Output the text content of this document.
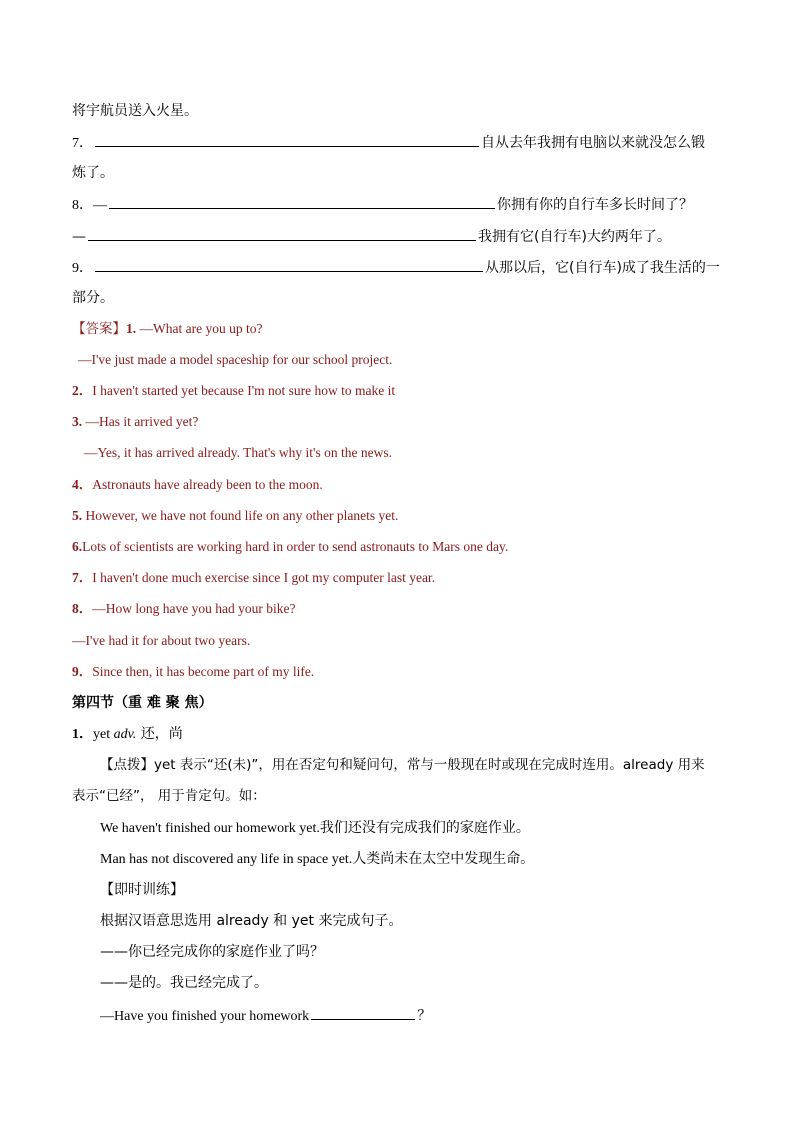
将宇航员送入火星。
7．	自从去年我拥有电脑以来就没怎么锻
炼了。
8．—	你拥有你的自行车多长时间了？
—	我拥有它(自行车)大约两年了。
9．	从那以后，它(自行车)成了我生活的一
部分。
【答案】1. —What are you up to?
—I've just made a model spaceship for our school project.
2．I haven't started yet because I'm not sure how to make it
3. —Has it arrived yet?
—Yes, it has arrived already. That's why it's on the news.
4．Astronauts have already been to the moon.
5. However, we have not found life on any other planets yet.
6.Lots of scientists are working hard in order to send astronauts to Mars one day.
7．I haven't done much exercise since I got my computer last year.
8．—How long have you had your bike?
—I've had it for about two years.
9．Since then, it has become part of my life.
第四节（重 难 聚 焦）
1．yet adv. 还，尚
【点拨】yet 表示“还(未)”，用在否定句和疑问句，常与一般现在时或现在完成时连用。already 用来
表示“已经”， 用于肯定句。如：
We haven't finished our homework yet.我们还没有完成我们的家庭作业。
Man has not discovered any life in space yet.人类尚未在太空中发现生命。
【即时训练】
根据汉语意思选用 already 和 yet 来完成句子。
——你已经完成你的家庭作业了吗？
——是的。我已经完成了。
—Have you finished your homework	？
